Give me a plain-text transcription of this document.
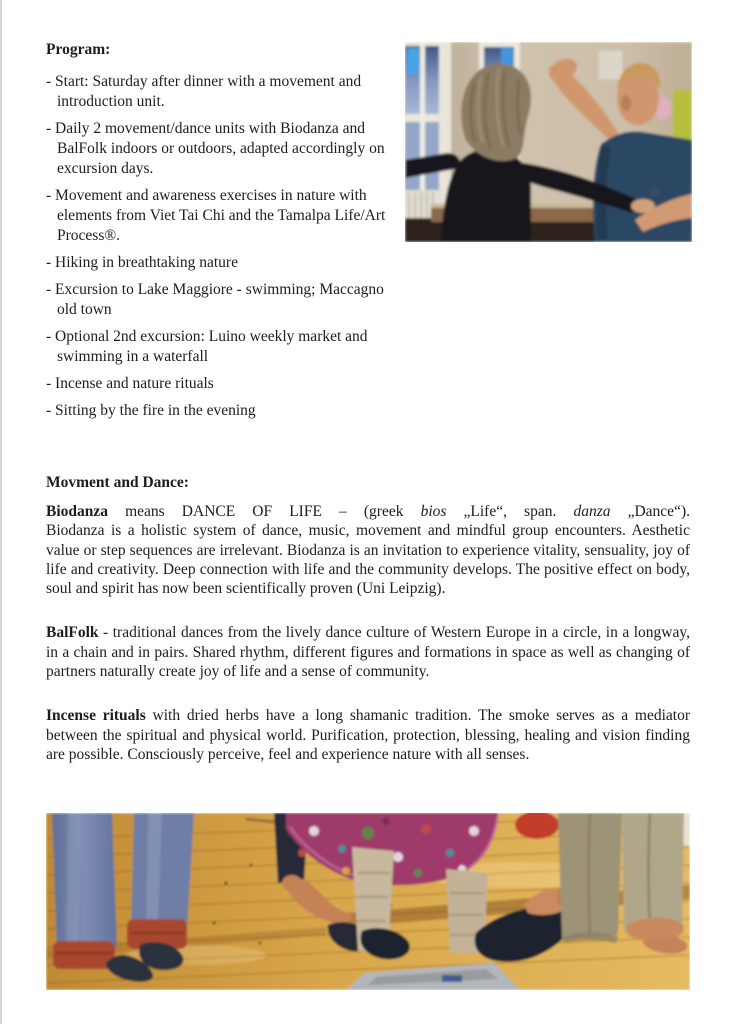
Program:

- Start: Saturday after dinner with a movement and introduction unit.
- Daily 2 movement/dance units with Biodanza and BalFolk indoors or outdoors, adapted accordingly on excursion days.
- Movement and awareness exercises in nature with elements from Viet Tai Chi and the Tamalpa Life/Art Process®.
- Hiking in breathtaking nature
- Excursion to Lake Maggiore - swimming; Maccagno old town
- Optional 2nd excursion: Luino weekly market and swimming in a waterfall
- Incense and nature rituals
- Sitting by the fire in the evening

Movment and Dance:

Biodanza means DANCE OF LIFE – (greek bios „Life“, span. danza „Dance“).

Biodanza is a holistic system of dance, music, movement and mindful group encounters. Aesthetic value or step sequences are irrelevant. Biodanza is an invitation to experience vitality, sensuality, joy of life and creativity. Deep connection with life and the community develops. The positive effect on body, soul and spirit has now been scientifically proven (Uni Leipzig).

BalFolk - traditional dances from the lively dance culture of Western Europe in a circle, in a longway, in a chain and in pairs. Shared rhythm, different figures and formations in space as well as changing of partners naturally create joy of life and a sense of community.

Incense rituals with dried herbs have a long shamanic tradition. The smoke serves as a mediator between the spiritual and physical world. Purification, protection, blessing, healing and vision finding are possible. Consciously perceive, feel and experience nature with all senses.
